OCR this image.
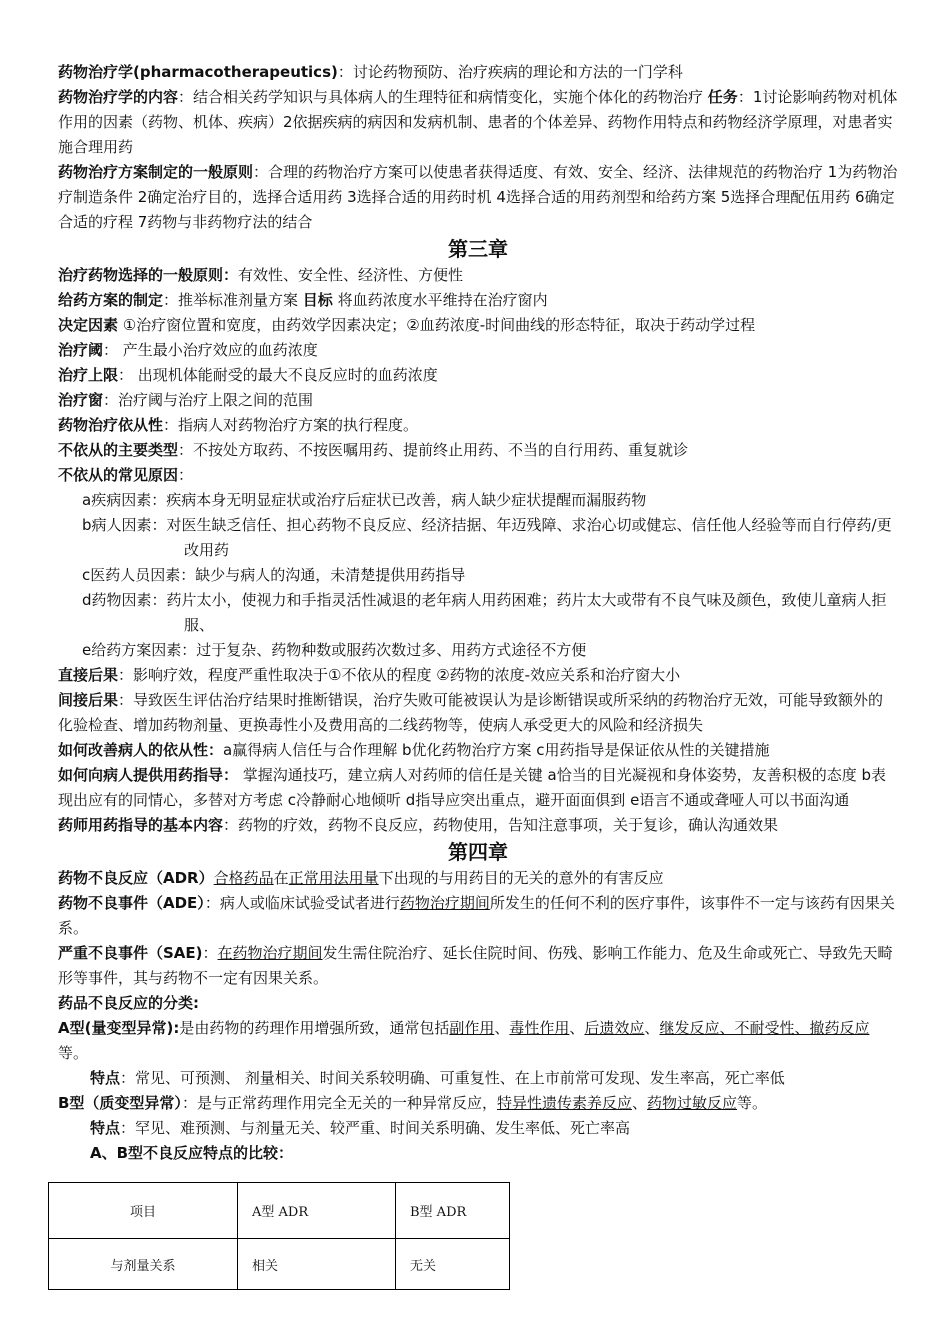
药物治疗学(pharmacotherapeutics)：讨论药物预防、治疗疾病的理论和方法的一门学科

药物治疗学的内容：结合相关药学知识与具体病人的生理特征和病情变化，实施个体化的药物治疗 任务：1讨论影响药物对机体作用的因素（药物、机体、疾病）2依据疾病的病因和发病机制、患者的个体差异、药物作用特点和药物经济学原理，对患者实施合理用药

药物治疗方案制定的一般原则：合理的药物治疗方案可以使患者获得适度、有效、安全、经济、法律规范的药物治疗 1为药物治疗制造条件 2确定治疗目的，选择合适用药 3选择合适的用药时机 4选择合适的用药剂型和给药方案 5选择合理配伍用药 6确定合适的疗程 7药物与非药物疗法的结合

第三章

治疗药物选择的一般原则：有效性、安全性、经济性、方便性

给药方案的制定：推举标准剂量方案 目标 将血药浓度水平维持在治疗窗内

决定因素 ①治疗窗位置和宽度，由药效学因素决定；②血药浓度-时间曲线的形态特征，取决于药动学过程

治疗阈： 产生最小治疗效应的血药浓度

治疗上限： 出现机体能耐受的最大不良反应时的血药浓度

治疗窗：治疗阈与治疗上限之间的范围

药物治疗依从性：指病人对药物治疗方案的执行程度。

不依从的主要类型：不按处方取药、不按医嘱用药、提前终止用药、不当的自行用药、重复就诊

不依从的常见原因：

a疾病因素：疾病本身无明显症状或治疗后症状已改善，病人缺少症状提醒而漏服药物

b病人因素：对医生缺乏信任、担心药物不良反应、经济拮据、年迈残障、求治心切或健忘、信任他人经验等而自行停药/更改用药

c医药人员因素：缺少与病人的沟通，未清楚提供用药指导

d药物因素：药片太小，使视力和手指灵活性减退的老年病人用药困难；药片太大或带有不良气味及颜色，致使儿童病人拒服、

e给药方案因素：过于复杂、药物种数或服药次数过多、用药方式途径不方便

直接后果：影响疗效，程度严重性取决于①不依从的程度 ②药物的浓度-效应关系和治疗窗大小

间接后果：导致医生评估治疗结果时推断错误，治疗失败可能被误认为是诊断错误或所采纳的药物治疗无效，可能导致额外的化验检查、增加药物剂量、更换毒性小及费用高的二线药物等，使病人承受更大的风险和经济损失

如何改善病人的依从性：a赢得病人信任与合作理解 b优化药物治疗方案 c用药指导是保证依从性的关键措施

如何向病人提供用药指导： 掌握沟通技巧，建立病人对药师的信任是关键 a恰当的目光凝视和身体姿势，友善积极的态度 b表现出应有的同情心，多替对方考虑 c冷静耐心地倾听 d指导应突出重点，避开面面俱到 e语言不通或聋哑人可以书面沟通

药师用药指导的基本内容：药物的疗效，药物不良反应，药物使用，告知注意事项，关于复诊，确认沟通效果

第四章

药物不良反应（ADR）合格药品在正常用法用量下出现的与用药目的无关的意外的有害反应

药物不良事件（ADE）：病人或临床试验受试者进行药物治疗期间所发生的任何不利的医疗事件，该事件不一定与该药有因果关系。

严重不良事件（SAE)：在药物治疗期间发生需住院治疗、延长住院时间、伤残、影响工作能力、危及生命或死亡、导致先天畸形等事件，其与药物不一定有因果关系。

药品不良反应的分类:

A型(量变型异常):是由药物的药理作用增强所致，通常包括副作用、毒性作用、后遗效应、继发反应、不耐受性、撤药反应等。

特点：常见、可预测、 剂量相关、时间关系较明确、可重复性、在上市前常可发现、发生率高，死亡率低

B型（质变型异常）：是与正常药理作用完全无关的一种异常反应，特异性遗传素养反应、药物过敏反应等。

特点：罕见、难预测、与剂量无关、较严重、时间关系明确、发生率低、死亡率高

A、B型不良反应特点的比较：

项目	A型 ADR	B型 ADR
与剂量关系	相关	无关
